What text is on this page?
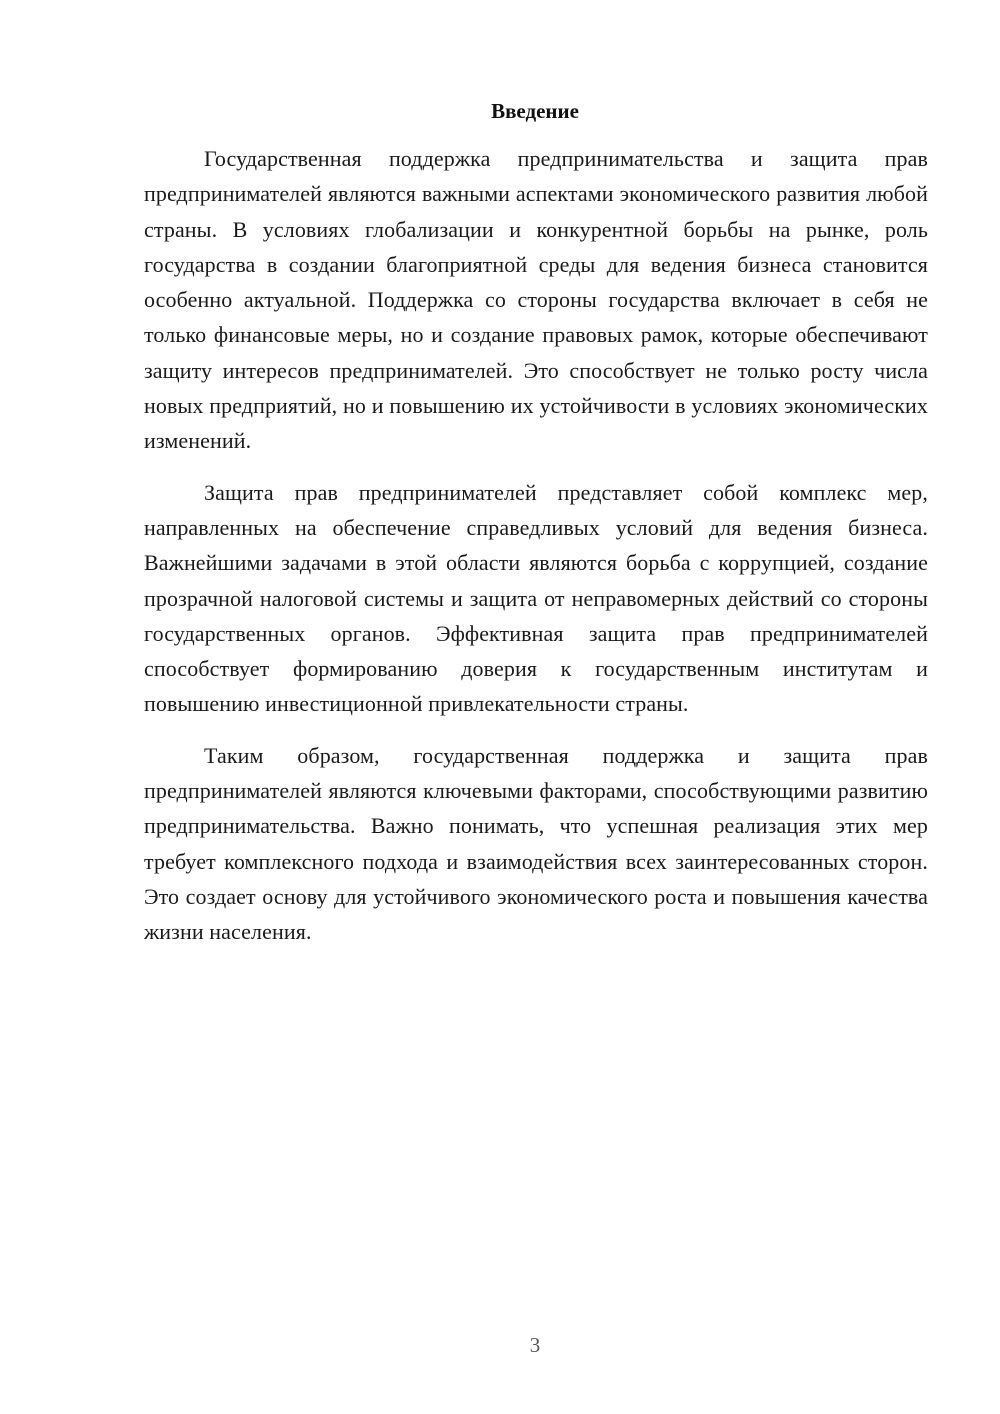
Введение

Государственная поддержка предпринимательства и защита прав предпринимателей являются важными аспектами экономического развития любой страны. В условиях глобализации и конкурентной борьбы на рынке, роль государства в создании благоприятной среды для ведения бизнеса становится особенно актуальной. Поддержка со стороны государства включает в себя не только финансовые меры, но и создание правовых рамок, которые обеспечивают защиту интересов предпринимателей. Это способствует не только росту числа новых предприятий, но и повышению их устойчивости в условиях экономических изменений.

Защита прав предпринимателей представляет собой комплекс мер, направленных на обеспечение справедливых условий для ведения бизнеса. Важнейшими задачами в этой области являются борьба с коррупцией, создание прозрачной налоговой системы и защита от неправомерных действий со стороны государственных органов. Эффективная защита прав предпринимателей способствует формированию доверия к государственным институтам и повышению инвестиционной привлекательности страны.

Таким образом, государственная поддержка и защита прав предпринимателей являются ключевыми факторами, способствующими развитию предпринимательства. Важно понимать, что успешная реализация этих мер требует комплексного подхода и взаимодействия всех заинтересованных сторон. Это создает основу для устойчивого экономического роста и повышения качества жизни населения.

3
